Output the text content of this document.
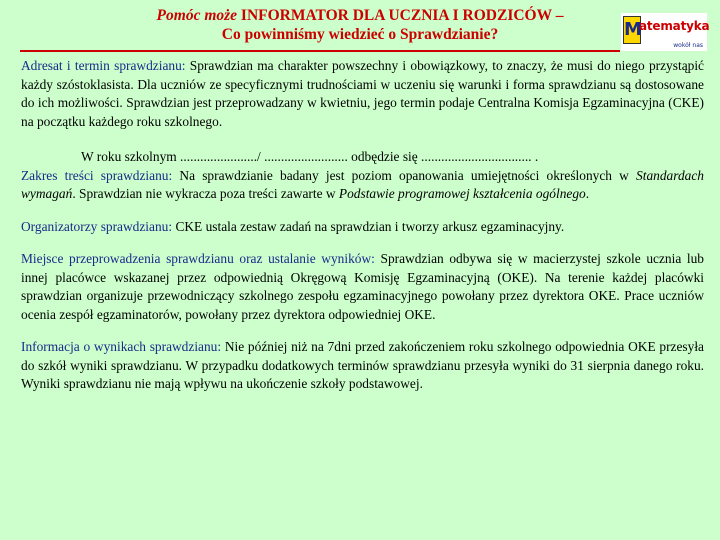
Pomóc może INFORMATOR DLA UCZNIA I RODZICÓW –
Co powinniśmy wiedzieć o Sprawdzianie?	M
atematyka
wokół nas

Adresat i termin sprawdzianu: Sprawdzian ma charakter powszechny i obowiązkowy, to znaczy, że musi do niego przystąpić każdy szóstoklasista. Dla uczniów ze specyficznymi trudnościami w uczeniu się warunki i forma sprawdzianu są dostosowane do ich możliwości. Sprawdzian jest przeprowadzany w kwietniu, jego termin podaje Centralna Komisja Egzaminacyjna (CKE) na początku każdego roku szkolnego.

W roku szkolnym ......................./ ......................... odbędzie się ................................. .

Zakres treści sprawdzianu: Na sprawdzianie badany jest poziom opanowania umiejętności określonych w Standardach wymagań. Sprawdzian nie wykracza poza treści zawarte w Podstawie programowej kształcenia ogólnego.

Organizatorzy sprawdzianu: CKE ustala zestaw zadań na sprawdzian i tworzy arkusz egzaminacyjny.

Miejsce przeprowadzenia sprawdzianu oraz ustalanie wyników: Sprawdzian odbywa się w macierzystej szkole ucznia lub innej placówce wskazanej przez odpowiednią Okręgową Komisję Egzaminacyjną (OKE). Na terenie każdej placówki sprawdzian organizuje przewodniczący szkolnego zespołu egzaminacyjnego powołany przez dyrektora OKE. Prace uczniów ocenia zespół egzaminatorów, powołany przez dyrektora odpowiedniej OKE.

Informacja o wynikach sprawdzianu: Nie później niż na 7dni przed zakończeniem roku szkolnego odpowiednia OKE przesyła do szkół wyniki sprawdzianu. W przypadku dodatkowych terminów sprawdzianu przesyła wyniki do 31 sierpnia danego roku. Wyniki sprawdzianu nie mają wpływu na ukończenie szkoły podstawowej.
